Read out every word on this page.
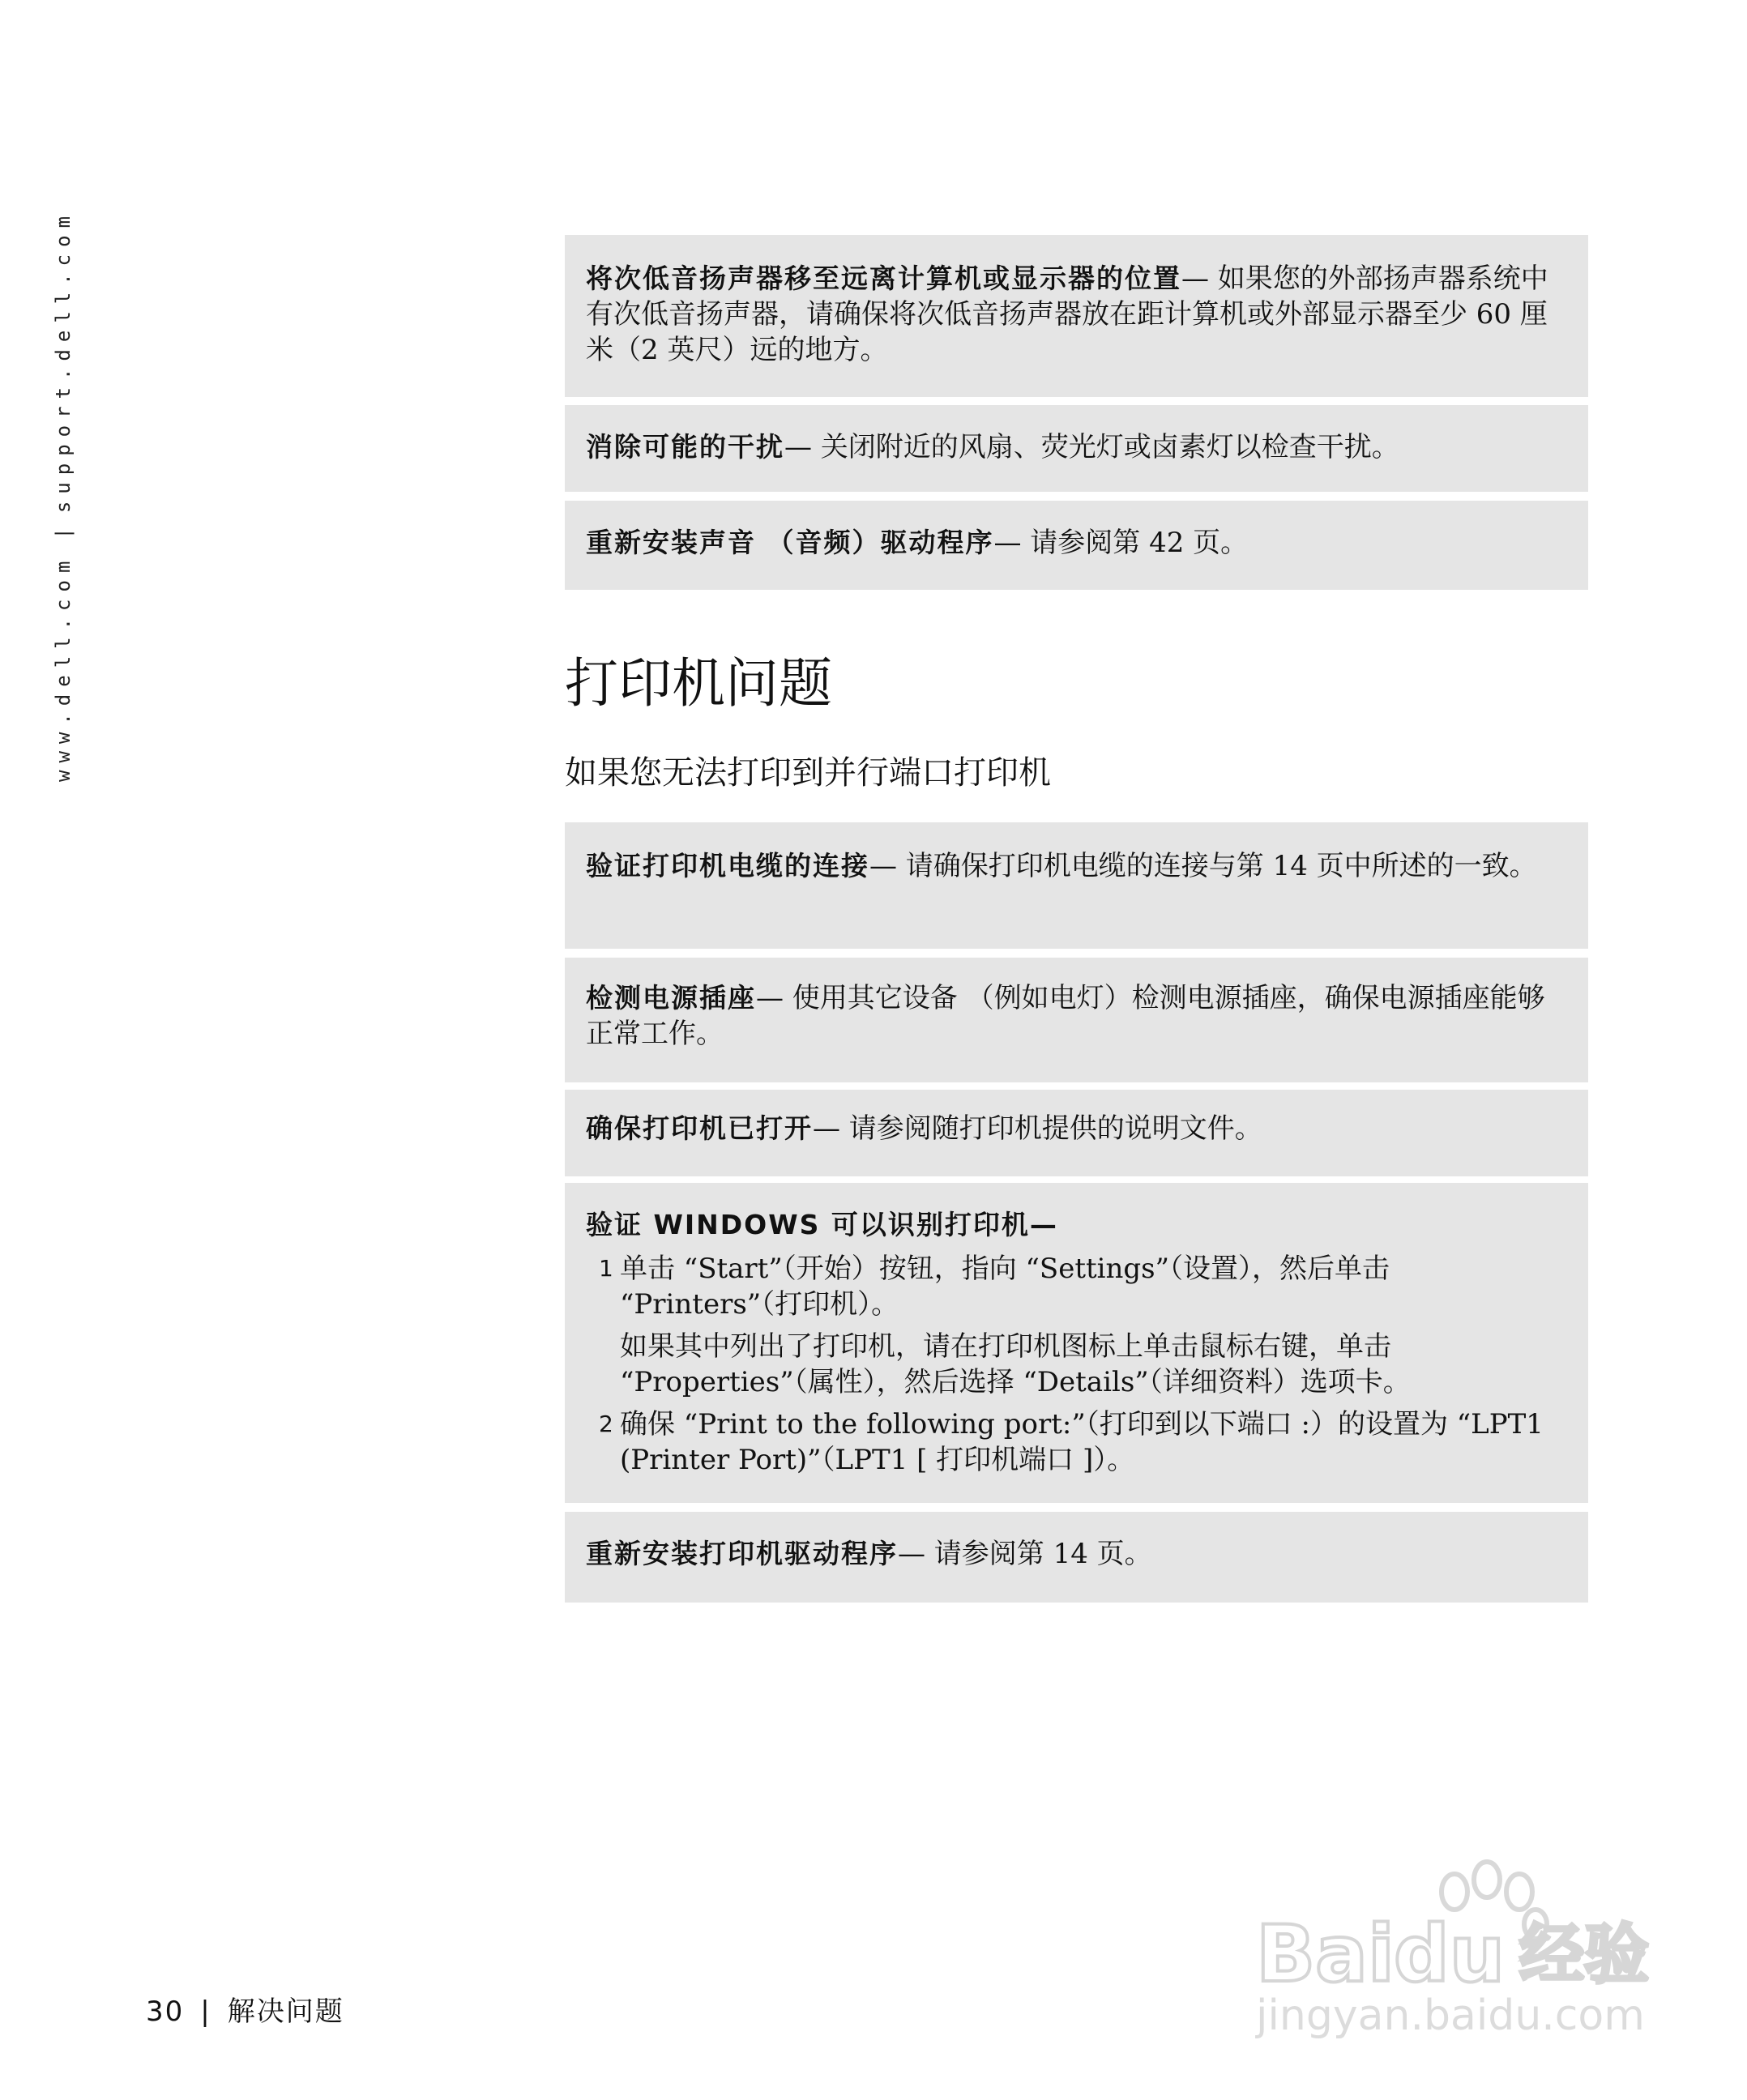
www.dell.com|support.dell.com	将次低音扬声器移至远离计算机或显示器的位置— 如果您的外部扬声器系统中有次低音扬声器，请确保将次低音扬声器放在距计算机或外部显示器至少 60 厘米（2 英尺）远的地方。
消除可能的干扰— 关闭附近的风扇、荧光灯或卤素灯以检查干扰。
重新安装声音 （音频）驱动程序— 请参阅第 42 页。
打印机问题
如果您无法打印到并行端口打印机
验证打印机电缆的连接— 请确保打印机电缆的连接与第 14 页中所述的一致。
检测电源插座— 使用其它设备 （例如电灯）检测电源插座，确保电源插座能够正常工作。
确保打印机已打开— 请参阅随打印机提供的说明文件。
验证 WINDOWS 可以识别打印机—
1 单击 “Start”（开始）按钮，指向 “Settings”（设置），然后单击 “Printers”（打印机）。
如果其中列出了打印机，请在打印机图标上单击鼠标右键，单击 “Properties”（属性），然后选择 “Details”（详细资料）选项卡。
2 确保 “Print to the following port:”（打印到以下端口 :）的设置为 “LPT1 (Printer Port)”（LPT1 [ 打印机端口 ]）。
重新安装打印机驱动程序— 请参阅第 14 页。
30 | 解决问题
Bai du 经验
jingyan.baidu.com
